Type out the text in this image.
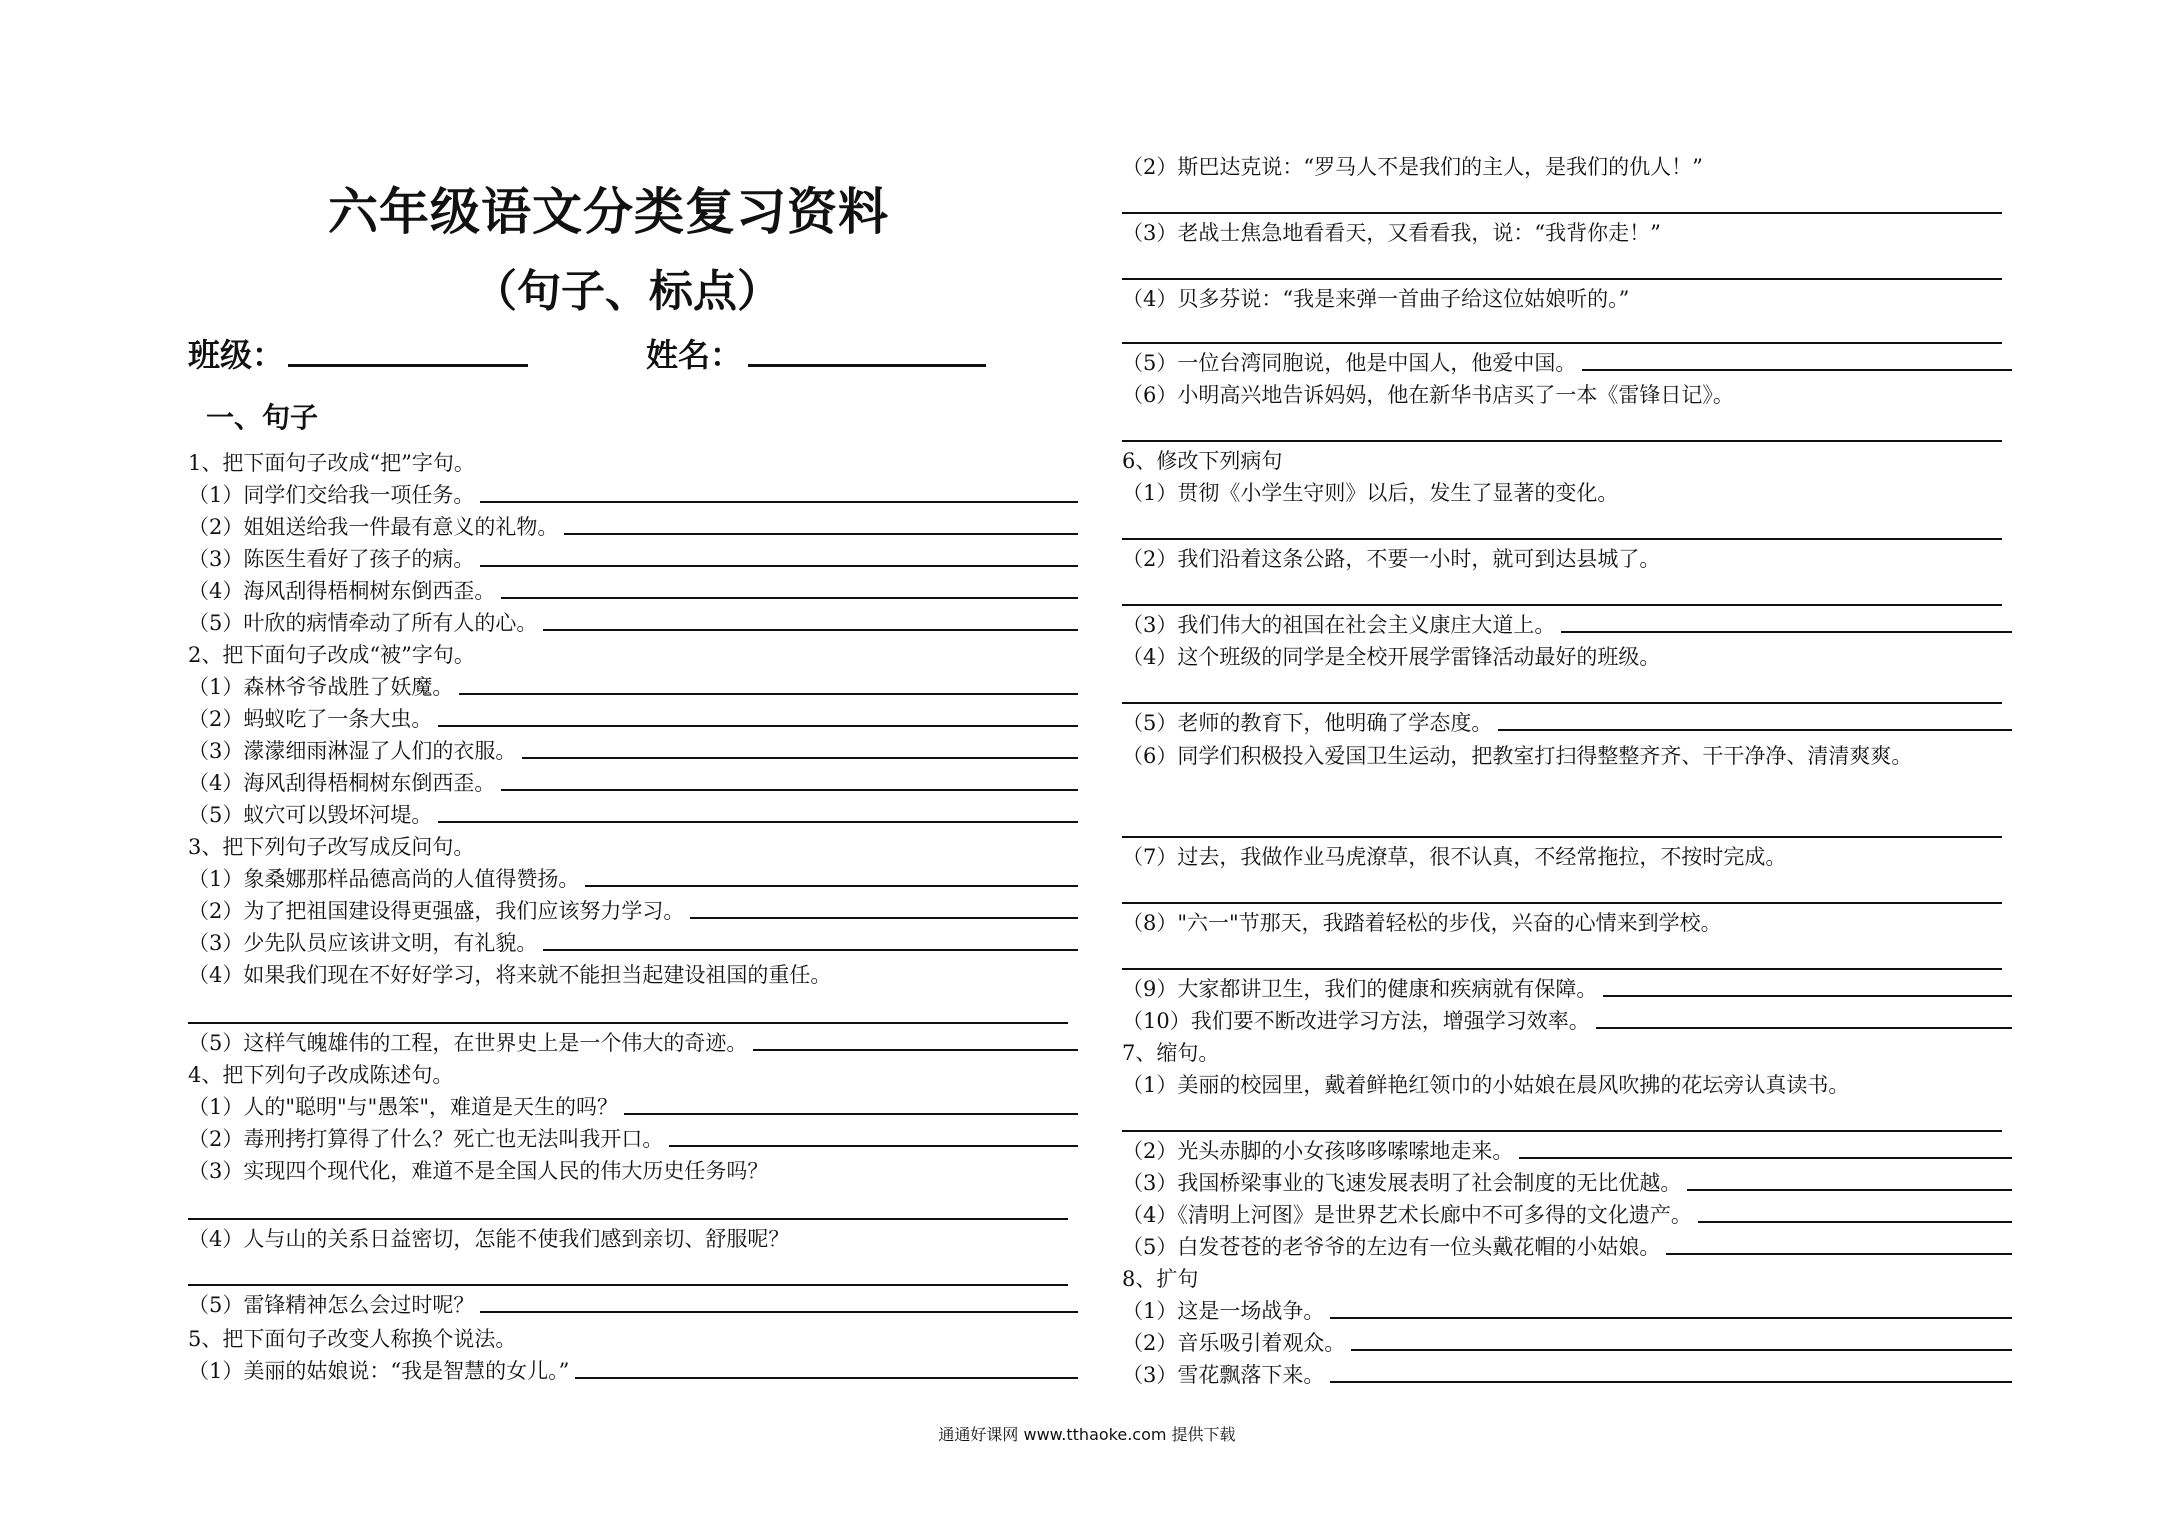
六年级语文分类复习资料
（句子、标点）
班级：	姓名：
一、句子
1、把下面句子改成“把”字句。
（1）同学们交给我一项任务。
（2）姐姐送给我一件最有意义的礼物。
（3）陈医生看好了孩子的病。
（4）海风刮得梧桐树东倒西歪。
（5）叶欣的病情牵动了所有人的心。
2、把下面句子改成“被”字句。
（1）森林爷爷战胜了妖魔。
（2）蚂蚁吃了一条大虫。
（3）濛濛细雨淋湿了人们的衣服。
（4）海风刮得梧桐树东倒西歪。
（5）蚁穴可以毁坏河堤。
3、把下列句子改写成反问句。
（1）象桑娜那样品德高尚的人值得赞扬。
（2）为了把祖国建设得更强盛，我们应该努力学习。
（3）少先队员应该讲文明，有礼貌。
（4）如果我们现在不好好学习，将来就不能担当起建设祖国的重任。
（5）这样气魄雄伟的工程，在世界史上是一个伟大的奇迹。
4、把下列句子改成陈述句。
（1）人的"聪明"与"愚笨"，难道是天生的吗？
（2）毒刑拷打算得了什么？死亡也无法叫我开口。
（3）实现四个现代化，难道不是全国人民的伟大历史任务吗？
（4）人与山的关系日益密切，怎能不使我们感到亲切、舒服呢？
（5）雷锋精神怎么会过时呢？
5、把下面句子改变人称换个说法。
（1）美丽的姑娘说：“我是智慧的女儿。”
（2）斯巴达克说：“罗马人不是我们的主人，是我们的仇人！”
（3）老战士焦急地看看天，又看看我，说：“我背你走！”
（4）贝多芬说：“我是来弹一首曲子给这位姑娘听的。”
（5）一位台湾同胞说，他是中国人，他爱中国。
（6）小明高兴地告诉妈妈，他在新华书店买了一本《雷锋日记》。
6、修改下列病句
（1）贯彻《小学生守则》以后，发生了显著的变化。
（2）我们沿着这条公路，不要一小时，就可到达县城了。
（3）我们伟大的祖国在社会主义康庄大道上。
（4）这个班级的同学是全校开展学雷锋活动最好的班级。
（5）老师的教育下，他明确了学态度。
（6）同学们积极投入爱国卫生运动，把教室打扫得整整齐齐、干干净净、清清爽爽。
（7）过去，我做作业马虎潦草，很不认真，不经常拖拉，不按时完成。
（8）"六一"节那天，我踏着轻松的步伐，兴奋的心情来到学校。
（9）大家都讲卫生，我们的健康和疾病就有保障。
（10）我们要不断改进学习方法，增强学习效率。
7、缩句。
（1）美丽的校园里，戴着鲜艳红领巾的小姑娘在晨风吹拂的花坛旁认真读书。
（2）光头赤脚的小女孩哆哆嗦嗦地走来。
（3）我国桥梁事业的飞速发展表明了社会制度的无比优越。
（4）《清明上河图》是世界艺术长廊中不可多得的文化遗产。
（5）白发苍苍的老爷爷的左边有一位头戴花帽的小姑娘。
8、扩句
（1）这是一场战争。
（2）音乐吸引着观众。
（3）雪花飘落下来。
通通好课网 www.tthaoke.com 提供下载
